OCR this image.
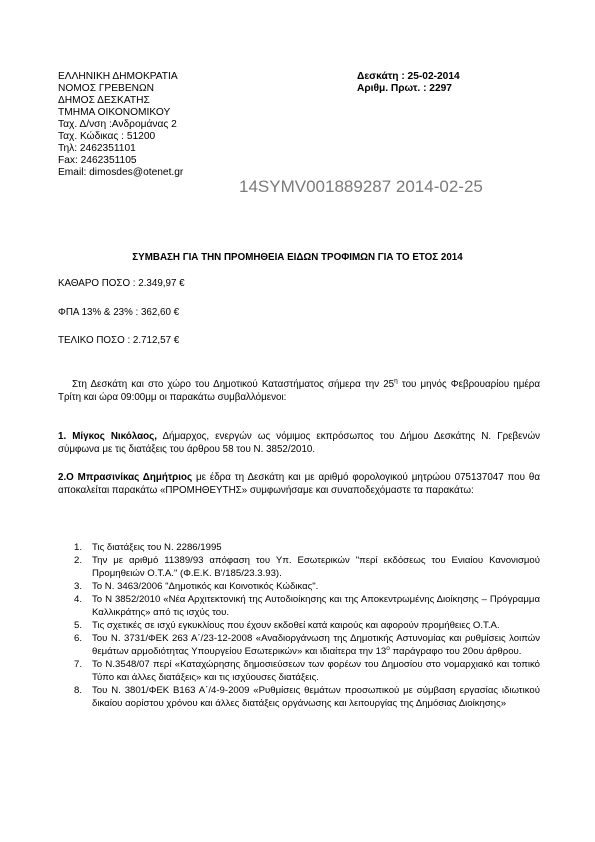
ΕΛΛΗΝΙΚΗ ΔΗΜΟΚΡΑΤΙΑ
ΝΟΜΟΣ ΓΡΕΒΕΝΩΝ
ΔΗΜΟΣ ΔΕΣΚΑΤΗΣ
ΤΜΗΜΑ ΟΙΚΟΝΟΜΙΚΟΥ
Ταχ. Δ/νση :Ανδρομάνας 2
Ταχ. Κώδικας : 51200
Τηλ: 2462351101
Fax: 2462351105
Email: dimosdes@otenet.gr
Δεσκάτη : 25-02-2014
Αριθμ. Πρωτ. : 2297
14SYMV001889287 2014-02-25
ΣΥΜΒΑΣΗ ΓΙΑ ΤΗΝ ΠΡΟΜΗΘΕΙΑ ΕΙΔΩΝ ΤΡΟΦΙΜΩΝ ΓΙΑ ΤΟ ΕΤΟΣ 2014
ΚΑΘΑΡΟ ΠΟΣΟ : 2.349,97 €
ΦΠΑ 13% & 23% : 362,60 €
ΤΕΛΙΚΟ ΠΟΣΟ : 2.712,57 €
Στη Δεσκάτη και στο χώρο του Δημοτικού Καταστήματος σήμερα την $25^\eta$ του μηνός Φεβρουαρίου ημέρα Τρίτη και ώρα 09:00μμ οι παρακάτω συμβαλλόμενοι:
1. Μίγκος Νικόλαος, Δήμαρχος, ενεργών ως νόμιμος εκπρόσωπος του Δήμου Δεσκάτης Ν. Γρεβενών σύμφωνα με τις διατάξεις του άρθρου 58 του Ν. 3852/2010.
2.Ο Μπρασινίκας Δημήτριος με έδρα τη Δεσκάτη και με αριθμό φορολογικού μητρώου 075137047 που θα αποκαλείται παρακάτω «ΠΡΟΜΗΘΕΥΤΗΣ» συμφωνήσαμε και συναποδεχόμαστε τα παρακάτω:
1. Τις διατάξεις του Ν. 2286/1995
2. Την με αριθμό 11389/93 απόφαση του Υπ. Εσωτερικών "περί εκδόσεως του Ενιαίου Κανονισμού Προμηθειών Ο.Τ.Α." (Φ.Ε.Κ. Β'/185/23.3.93).
3. Το Ν. 3463/2006 "Δημοτικός και Κοινοτικός Κώδικας".
4. Το Ν 3852/2010 «Νέα Αρχιτεκτονική της Αυτοδιοίκησης και της Αποκεντρωμένης Διοίκησης – Πρόγραμμα Καλλικράτης» από τις ισχύς του.
5. Τις σχετικές σε ισχύ εγκυκλίους που έχουν εκδοθεί κατά καιρούς και αφορούν προμήθειες Ο.Τ.Α.
6. Του Ν. 3731/ΦΕΚ 263 Α΄/23-12-2008 «Αναδιοργάνωση της Δημοτικής Αστυνομίας και ρυθμίσεις λοιπών θεμάτων αρμοδιότητας Υπουργείου Εσωτερικών» και ιδιαίτερα την $13^o$ παράγραφο του 20ου άρθρου.
7. Το Ν.3548/07 περί «Καταχώρησης δημοσιεύσεων των φορέων του Δημοσίου στο νομαρχιακό και τοπικό Τύπο και άλλες διατάξεις» και τις ισχύουσες διατάξεις.
8. Του Ν. 3801/ΦΕΚ Β163 Α΄/4-9-2009 «Ρυθμίσεις θεμάτων προσωπικού με σύμβαση εργασίας ιδιωτικού δικαίου αορίστου χρόνου και άλλες διατάξεις οργάνωσης και λειτουργίας της Δημόσιας Διοίκησης»
